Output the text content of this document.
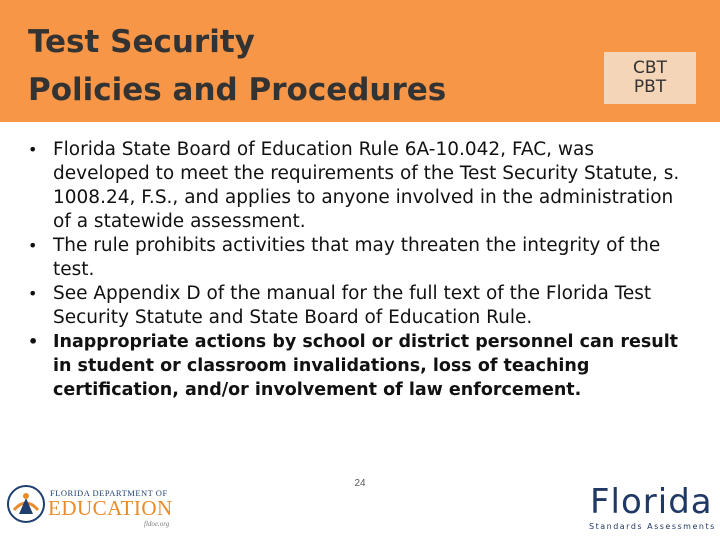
Test Security
Policies and Procedures
CBT
PBT
• Florida State Board of Education Rule 6A-10.042, FAC, was developed to meet the requirements of the Test Security Statute, s. 1008.24, F.S., and applies to anyone involved in the administration of a statewide assessment.
• The rule prohibits activities that may threaten the integrity of the test.
• See Appendix D of the manual for the full text of the Florida Test Security Statute and State Board of Education Rule.
• Inappropriate actions by school or district personnel can result in student or classroom invalidations, loss of teaching certification, and/or involvement of law enforcement.
FLORIDA DEPARTMENT OF
EDUCATION
fldoe.org
24	Florida
Standards Assessments
